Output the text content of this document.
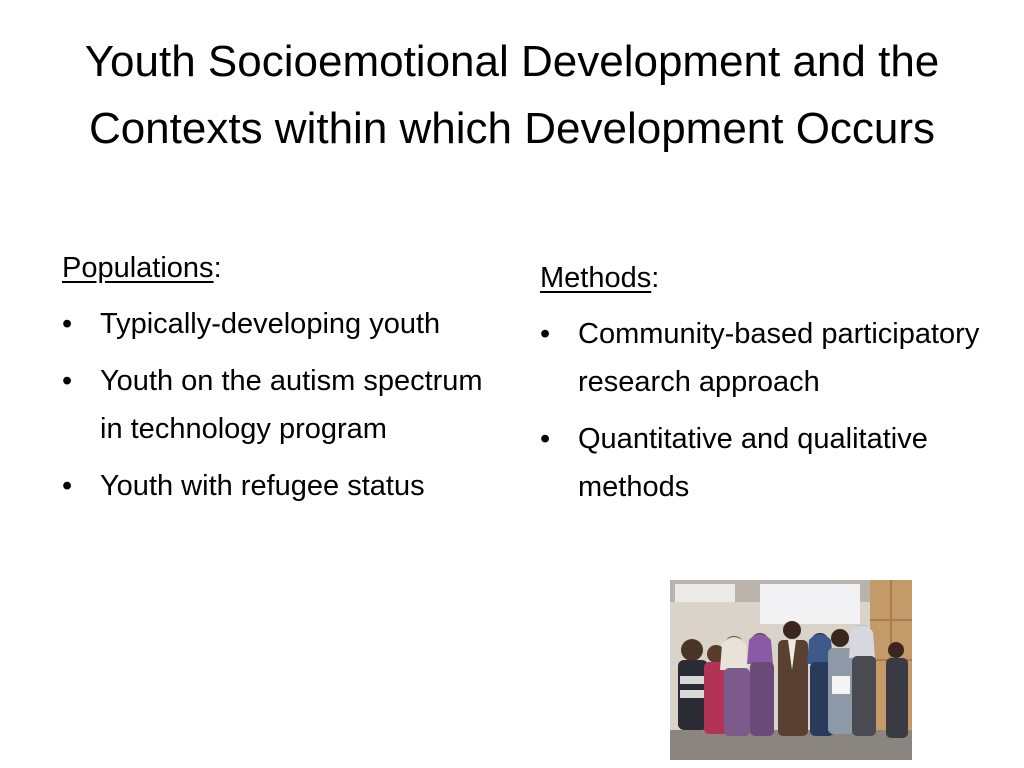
Youth Socioemotional Development and the Contexts within which Development Occurs
Populations:
• Typically-developing youth
• Youth on the autism spectrum in technology program
• Youth with refugee status
Methods:
• Community-based participatory research approach
• Quantitative and qualitative methods
